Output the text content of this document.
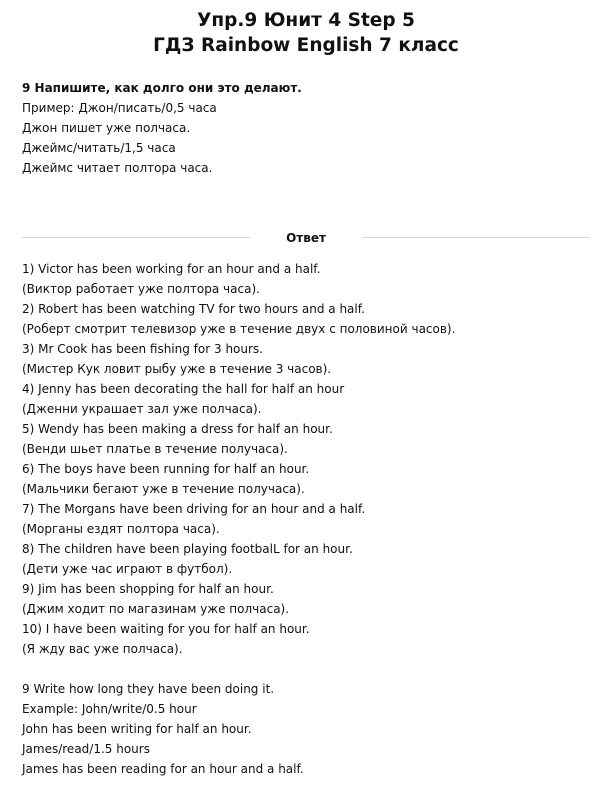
Упр.9 Юнит 4 Step 5
ГДЗ Rainbow English 7 класс
9 Напишите, как долго они это делают.
Пример: Джон/писать/0,5 часа
Джон пишет уже полчаса.
Джеймс/читать/1,5 часа
Джеймс читает полтора часа.
Ответ
1) Victor has been working for an hour and a half.
(Виктор работает уже полтора часа).
2) Robert has been watching TV for two hours and a half.
(Роберт смотрит телевизор уже в течение двух с половиной часов).
3) Mr Cook has been fishing for 3 hours.
(Мистер Кук ловит рыбу уже в течение 3 часов).
4) Jenny has been decorating the hall for half an hour
(Дженни украшает зал уже полчаса).
5) Wendy has been making a dress for half an hour.
(Венди шьет платье в течение получаса).
6) The boys have been running for half an hour.
(Мальчики бегают уже в течение получаса).
7) The Morgans have been driving for an hour and a half.
(Морганы ездят полтора часа).
8) The children have been playing footbalL for an hour.
(Дети уже час играют в футбол).
9) Jim has been shopping for half an hour.
(Джим ходит по магазинам уже полчаса).
10) I have been waiting for you for half an hour.
(Я жду вас уже полчаса).
9 Write how long they have been doing it.
Example: John/write/0.5 hour
John has been writing for half an hour.
James/read/1.5 hours
James has been reading for an hour and a half.
